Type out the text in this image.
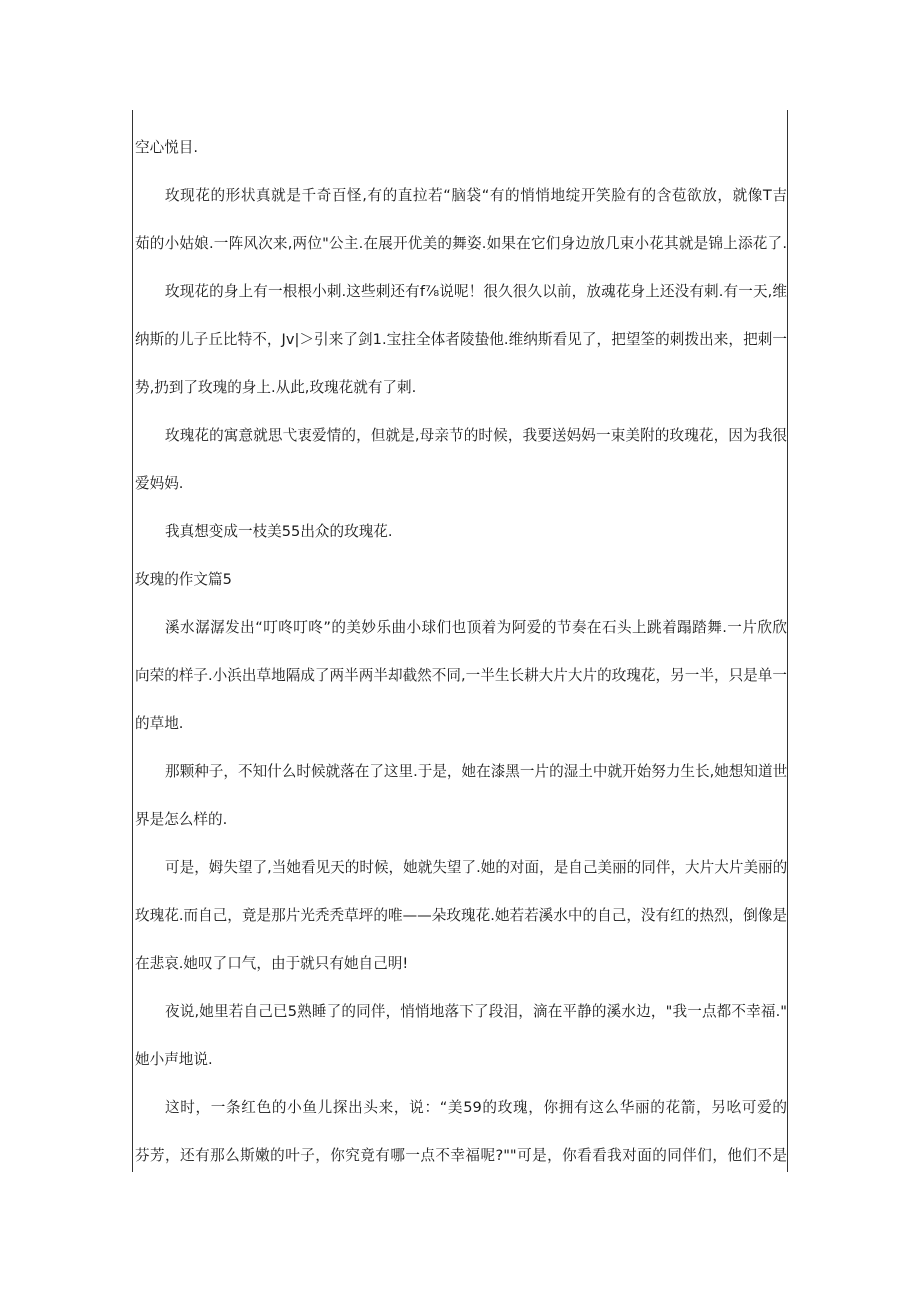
空心悦目.
玫现花的形状真就是千奇百怪,有的直拉若“脑袋“有的悄悄地绽开笑脸有的含苞欲放，就像T吉
茹的小姑娘.一阵风次来,两位"公主.在展开优美的舞姿.如果在它们身边放几束小花其就是锦上添花了.
玫现花的身上有一根根小刺.这些刺还有f⅞说呢！很久很久以前，放魂花身上还没有刺.有一天,维
纳斯的儿子丘比特不，Jv|＞引来了剑1.宝拄全体者陵蛰他.维纳斯看见了，把望筌的刺拨出来，把刺一
势,扔到了玫瑰的身上.从此,玫瑰花就有了刺.
玫瑰花的寓意就思弋衷爱情的，但就是,母亲节的时候，我要送妈妈一束美附的玫瑰花，因为我很
爱妈妈.
我真想变成一枝美55出众的玫瑰花.
玫瑰的作文篇5
溪水潺潺发出“叮咚叮咚”的美妙乐曲小球们也顶着为阿爱的节奏在石头上跳着蹋踏舞.一片欣欣
向荣的样子.小浜出草地隔成了两半两半却截然不同,一半生长耕大片大片的玫瑰花，另一半，只是单一
的草地.
那颗种子，不知什么时候就落在了这里.于是，她在漆黑一片的湿土中就开始努力生长,她想知道世
界是怎么样的.
可是，姆失望了,当她看见天的时候，她就失望了.她的对面，是自己美丽的同伴，大片大片美丽的
玫瑰花.而自己，竟是那片光秃秃草坪的唯——朵玫瑰花.她若若溪水中的自己，没有红的热烈，倒像是
在悲哀.她叹了口气，由于就只有她自己明!
夜说,她里若自己已5熟睡了的同伴，悄悄地落下了段泪，滴在平静的溪水边，"我一点都不幸福."
她小声地说.
这时，一条红色的小鱼儿探出头来，说：“美59的玫瑰，你拥有这么华丽的花箭，另吆可爱的
芬芳，还有那么斯嫩的叶子，你究竟有哪一点不幸福呢?""可是，你看看我对面的同伴们，他们不是
